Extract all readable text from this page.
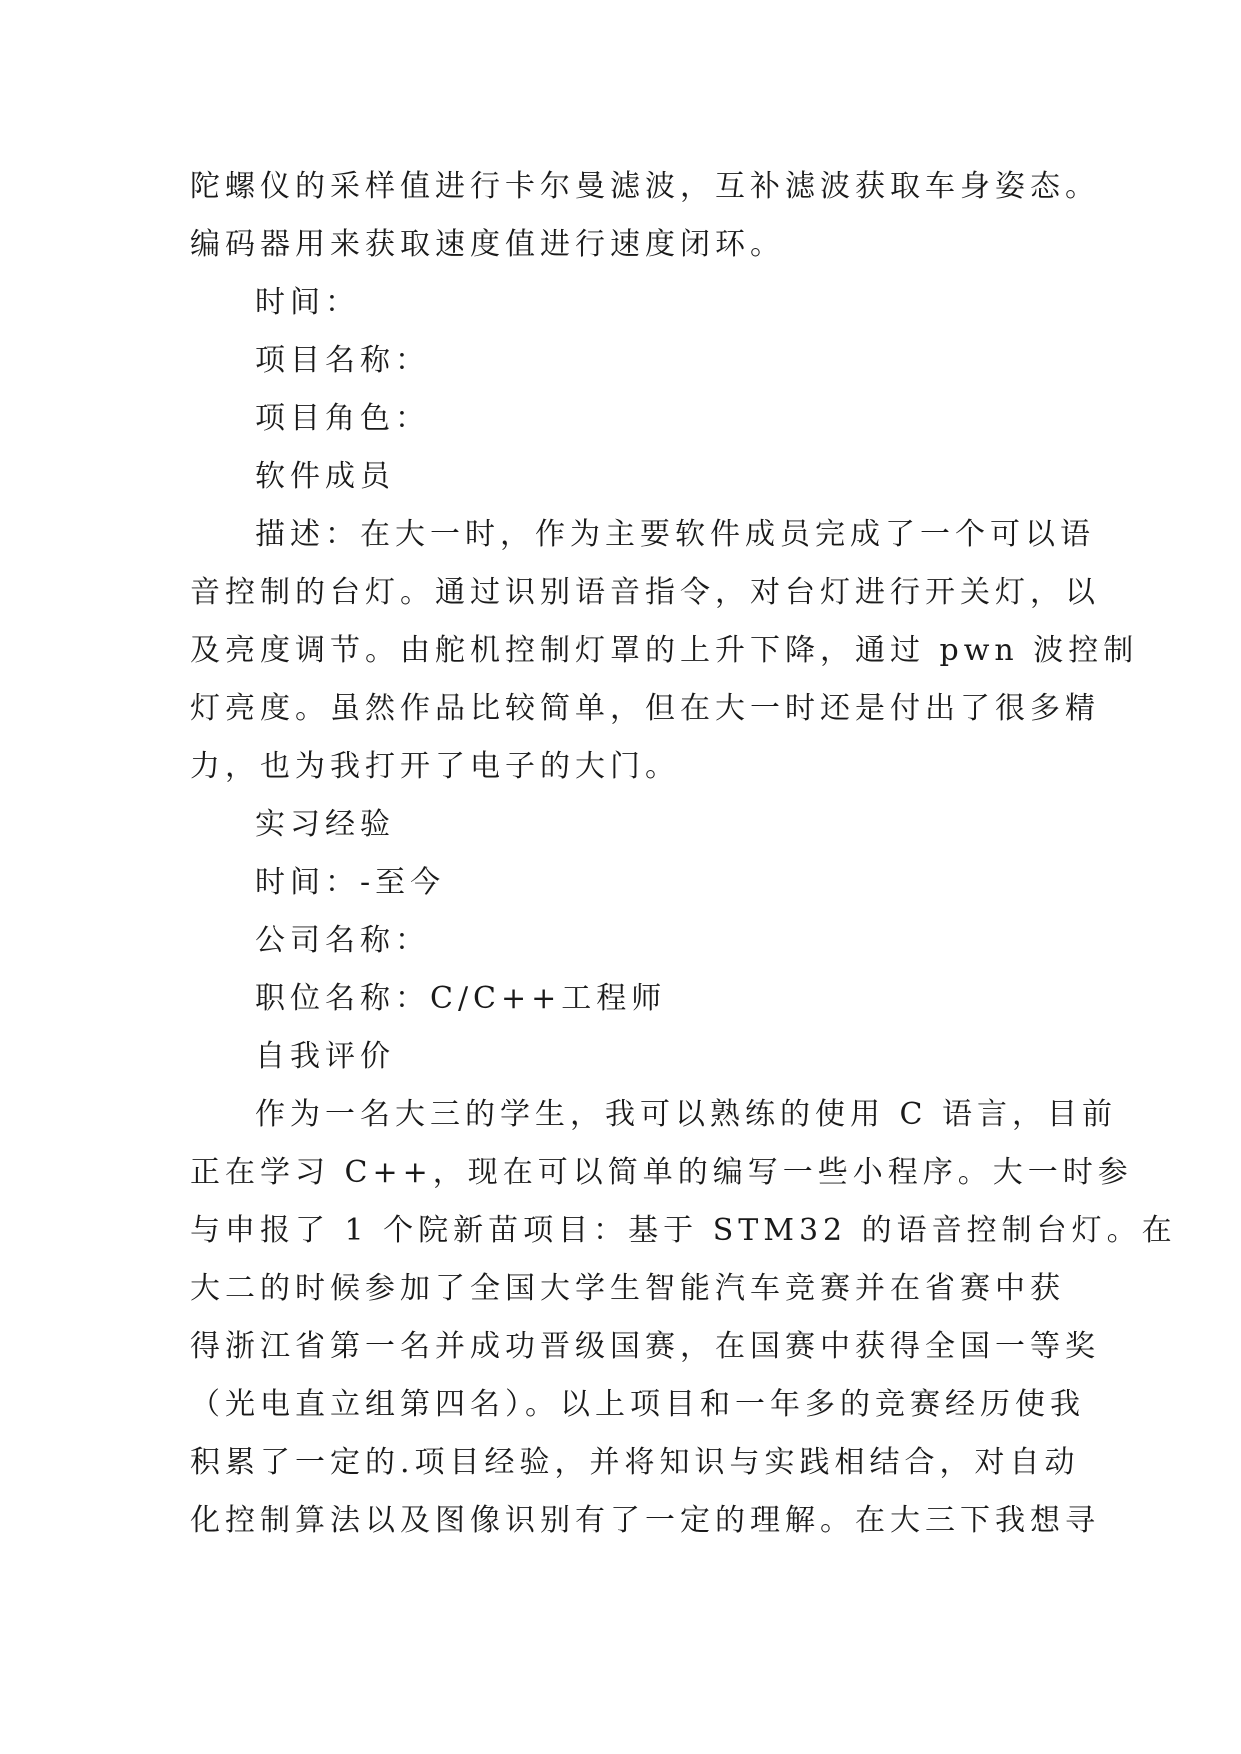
陀螺仪的采样值进行卡尔曼滤波，互补滤波获取车身姿态。

编码器用来获取速度值进行速度闭环。

时间：

项目名称：

项目角色：

软件成员

描述：在大一时，作为主要软件成员完成了一个可以语

音控制的台灯。通过识别语音指令，对台灯进行开关灯，以

及亮度调节。由舵机控制灯罩的上升下降，通过 pwn 波控制

灯亮度。虽然作品比较简单，但在大一时还是付出了很多精

力，也为我打开了电子的大门。

实习经验

时间：-至今

公司名称：

职位名称：C/C++工程师

自我评价

作为一名大三的学生，我可以熟练的使用 C 语言，目前

正在学习 C++，现在可以简单的编写一些小程序。大一时参

与申报了 1 个院新苗项目：基于 STM32 的语音控制台灯。在

大二的时候参加了全国大学生智能汽车竞赛并在省赛中获

得浙江省第一名并成功晋级国赛，在国赛中获得全国一等奖

（光电直立组第四名）。以上项目和一年多的竞赛经历使我

积累了一定的.项目经验，并将知识与实践相结合，对自动

化控制算法以及图像识别有了一定的理解。在大三下我想寻
